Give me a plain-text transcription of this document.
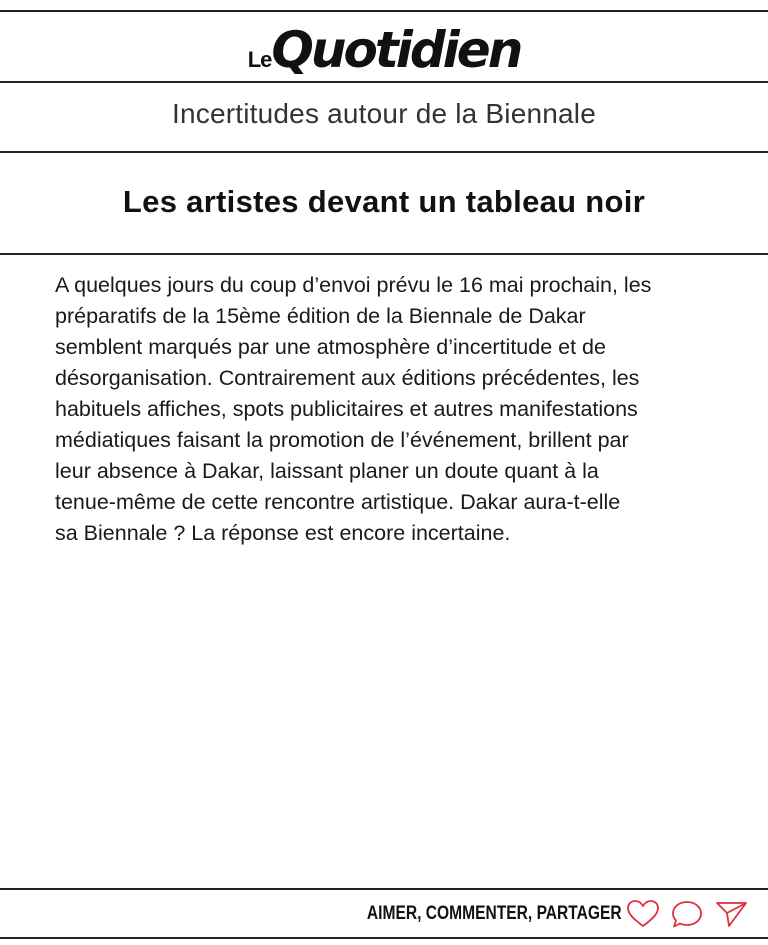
LeQuotidien
Incertitudes autour de la Biennale
Les artistes devant un tableau noir
A quelques jours du coup d’envoi prévu le 16 mai prochain, les
préparatifs de la 15ème édition de la Biennale de Dakar
semblent marqués par une atmosphère d’incertitude et de
désorganisation. Contrairement aux éditions précédentes, les
habituels affiches, spots publicitaires et autres manifestations
médiatiques faisant la promotion de l’événement, brillent par
leur absence à Dakar, laissant planer un doute quant à la
tenue-même de cette rencontre artistique. Dakar aura-t-elle
sa Biennale ? La réponse est encore incertaine.
AIMER, COMMENTER, PARTAGER
